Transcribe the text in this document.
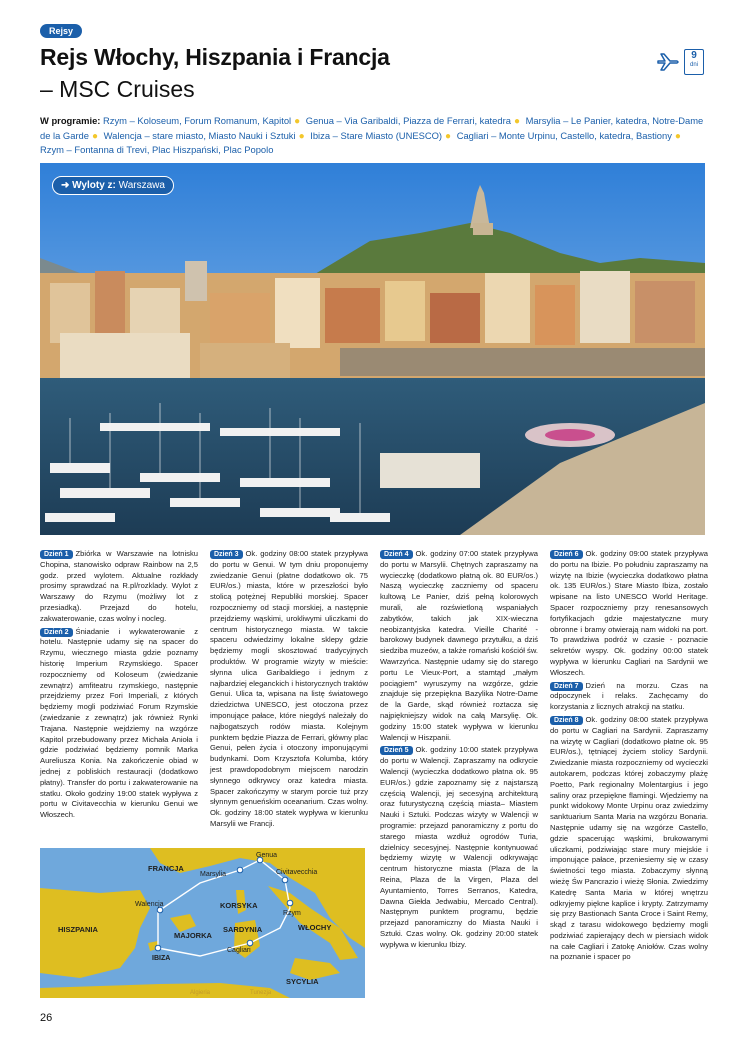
Rejsy
Rejs Włochy, Hiszpania i Francja
– MSC Cruises
9
dni
W programie: Rzym – Koloseum, Forum Romanum, Kapitol ● Genua – Via Garibaldi, Piazza de Ferrari, katedra ● Marsylia – Le Panier, katedra, Notre-Dame de la Garde ● Walencja – stare miasto, Miasto Nauki i Sztuki ● Ibiza – Stare Miasto (UNESCO) ● Cagliari – Monte Urpinu, Castello, katedra, Bastiony ● Rzym – Fontanna di Trevi, Plac Hiszpański, Plac Popolo
➜ Wyloty z: Warszawa

Dzień 1 Zbiórka w Warszawie na lotnisku Chopina, stanowisko odpraw Rainbow na 2,5 godz. przed wylotem. Aktualne rozkłady prosimy sprawdzać na R.pl/rozklady. Wylot z Warszawy do Rzymu (możliwy lot z przesiadką). Przejazd do hotelu, zakwaterowanie, czas wolny i nocleg.

Dzień 2 Śniadanie i wykwaterowanie z hotelu. Następnie udamy się na spacer do Rzymu, wiecznego miasta gdzie poznamy historię Imperium Rzymskiego. Spacer rozpoczniemy od Koloseum (zwiedzanie zewnątrz) amfiteatru rzymskiego, następnie przejdziemy przez Fori Imperiali, z których będziemy mogli podziwiać Forum Rzymskie (zwiedzanie z zewnątrz) jak również Rynki Trajana. Następnie wejdziemy na wzgórze Kapitol przebudowany przez Michała Anioła i gdzie podziwiać będziemy pomnik Marka Aureliusza Konia. Na zakończenie obiad w jednej z pobliskich restauracji (dodatkowo płatny). Transfer do portu i zakwaterowanie na statku. Około godziny 19:00 statek wypływa z portu w Civitavecchia w kierunku Genui we Włoszech.

Dzień 3 Ok. godziny 08:00 statek przypływa do portu w Genui. W tym dniu proponujemy zwiedzanie Genui (płatne dodatkowo ok. 75 EUR/os.) miasta, które w przeszłości było stolicą potężnej Republiki morskiej. Spacer rozpoczniemy od stacji morskiej, a następnie przejdziemy wąskimi, urokliwymi uliczkami do centrum historycznego miasta. W takcie spaceru odwiedzimy lokalne sklepy gdzie będziemy mogli skosztować tradycyjnych produktów. W programie wizyty w mieście: słynna ulica Garibaldiego i jednym z najbardziej eleganckich i historycznych traktów Genui. Ulica ta, wpisana na listę światowego dziedzictwa UNESCO, jest otoczona przez imponujące pałace, które niegdyś należały do najbogatszych rodów miasta. Kolejnym punktem będzie Piazza de Ferrari, główny plac Genui, pełen życia i otoczony imponującymi budynkami. Dom Krzysztofa Kolumba, który jest prawdopodobnym miejscem narodzin słynnego odkrywcy oraz katedra miasta. Spacer zakończymy w starym porcie tuż przy słynnym genueńskim oceanarium. Czas wolny. Ok. godziny 18:00 statek wypływa w kierunku Marsylii we Francji.

Dzień 4 Ok. godziny 07:00 statek przypływa do portu w Marsylii. Chętnych zapraszamy na wycieczkę (dodatkowo płatną ok. 80 EUR/os.) Naszą wycieczkę zaczniemy od spaceru kultową Le Panier, dziś pełną kolorowych murali, ale rozświetloną wspaniałych zabytków, takich jak XIX-wieczna neobizantyjska katedra. Vieille Charité - barokowy budynek dawnego przytułku, a dziś siedziba muzeów, a także romański kościół św. Wawrzyńca. Następnie udamy się do starego portu Le Vieux-Port, a stamtąd „małym pociągiem” wyruszymy na wzgórze, gdzie znajduje się przepiękna Bazylika Notre-Dame de la Garde, skąd również roztacza się najpiękniejszy widok na całą Marsylię. Ok. godziny 15:00 statek wypływa w kierunku Walencji w Hiszpanii.

Dzień 5 Ok. godziny 10:00 statek przypływa do portu w Walencji. Zapraszamy na odkrycie Walencji (wycieczka dodatkowo płatna ok. 95 EUR/os.) gdzie zapoznamy się z najstarszą częścią Walencji, jej secesyjną architekturą oraz futurystyczną częścią miasta– Miastem Nauki i Sztuki. Podczas wizyty w Walencji w programie: przejazd panoramiczny z portu do starego miasta wzdłuż ogrodów Turia, dzielnicy secesyjnej. Następnie kontynuować będziemy wizytę w Walencji odkrywając centrum historyczne miasta (Plaza de la Reina, Plaza de la Virgen, Plaza del Ayuntamiento, Torres Serranos, Katedra, Dawna Giełda Jedwabiu, Mercado Central). Następnym punktem programu, będzie przejazd panoramiczny do Miasta Nauki i Sztuki. Czas wolny. Ok. godziny 20:00 statek wypływa w kierunku Ibizy.

Dzień 6 Ok. godziny 09:00 statek przypływa do portu na Ibizie. Po południu zapraszamy na wizytę na Ibizie (wycieczka dodatkowo płatna ok. 135 EUR/os.) Stare Miasto Ibiza, zostało wpisane na listo UNESCO World Heritage. Spacer rozpoczniemy przy renesansowych fortyfikacjach gdzie majestatyczne mury obronne i bramy otwierają nam widoki na port. To prawdziwa podróż w czasie - poznacie sekretów wyspy. Ok. godziny 00:00 statek wypływa w kierunku Cagliari na Sardynii we Włoszech.

Dzień 7 Dzień na morzu. Czas na odpoczynek i relaks. Zachęcamy do korzystania z licznych atrakcji na statku.

Dzień 8 Ok. godziny 08:00 statek przypływa do portu w Cagliari na Sardynii. Zapraszamy na wizytę w Cagliari (dodatkowo płatne ok. 95 EUR/os.), tętniącej życiem stolicy Sardynii. Zwiedzanie miasta rozpoczniemy od wycieczki autokarem, podczas której zobaczymy plażę Poetto, Park regionalny Molentargius i jego saliny oraz przepiękne flamingi. Wjedziemy na punkt widokowy Monte Urpinu oraz zwiedzimy sanktuarium Santa Maria na wzgórzu Bonaria. Następnie udamy się na wzgórze Castello, gdzie spacerując wąskimi, brukowanymi uliczkami, podziwiając stare mury miejskie i imponujące pałace, przeniesiemy się w czasy świetności tego miasta. Zobaczymy słynną wieżę Św Pancrazio i wieżę Słonia. Zwiedzimy Katedrę Santa Maria w której wnętrzu odkryjemy piękne kaplice i krypty. Zatrzymamy się przy Bastionach Santa Croce i Saint Remy, skąd z tarasu widokowego będziemy mogli podziwiać zapierający dech w piersiach widok na całe Cagliari i Zatokę Aniołów. Czas wolny na poznanie i spacer po

FRANCJA
HISZPANIA	WŁOCHY
KORSYKA
SARDYNIA
MAJORKA
SYCYLIA
Genua
Marsylia	Civitavecchia
Rzym
Walencja
Cagliari
IBIZA
Algieria	Tunezja
26
